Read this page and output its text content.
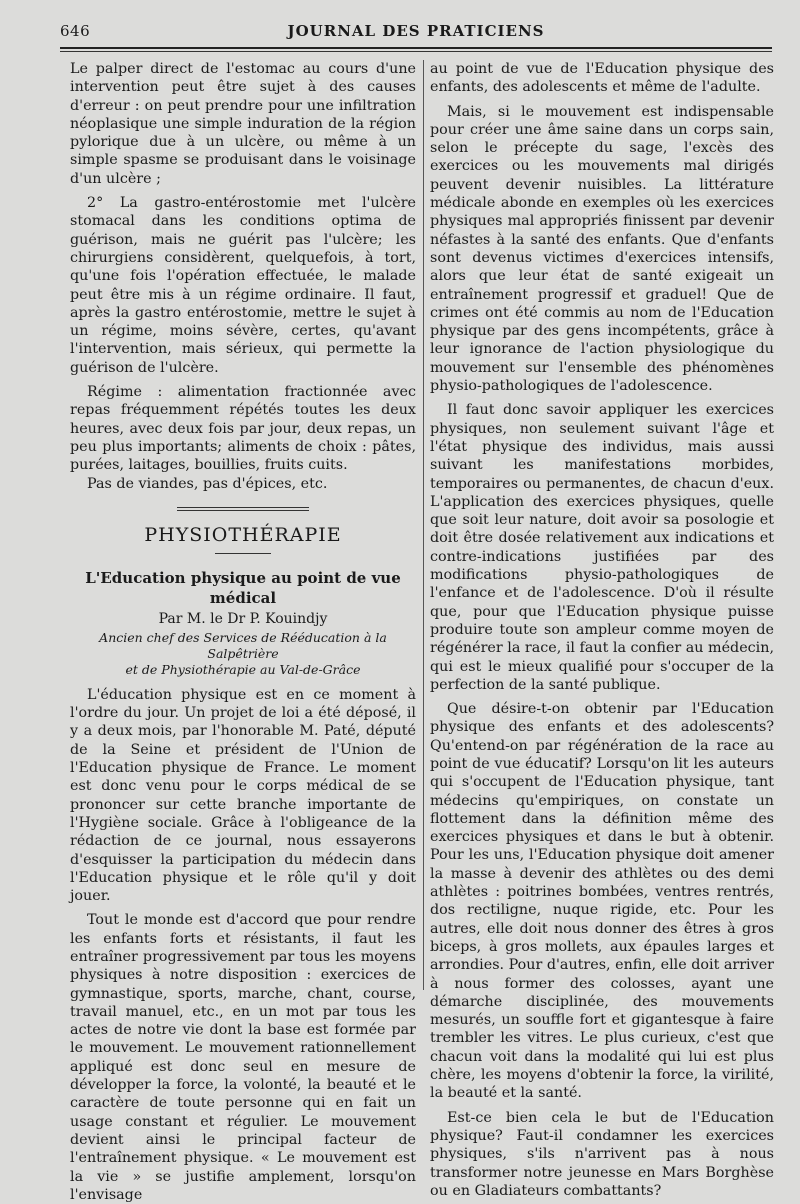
646	JOURNAL DES PRATICIENS

Le palper direct de l'estomac au cours d'une intervention peut être sujet à des causes d'erreur : on peut prendre pour une infiltration néoplasique une simple induration de la région pylorique due à un ulcère, ou même à un simple spasme se produisant dans le voisinage d'un ulcère ;

2° La gastro-entérostomie met l'ulcère stomacal dans les conditions optima de guérison, mais ne guérit pas l'ulcère; les chirurgiens considèrent, quelquefois, à tort, qu'une fois l'opération effectuée, le malade peut être mis à un régime ordinaire. Il faut, après la gastro entérostomie, mettre le sujet à un régime, moins sévère, certes, qu'avant l'intervention, mais sérieux, qui permette la guérison de l'ulcère.

Régime : alimentation fractionnée avec repas fréquemment répétés toutes les deux heures, avec deux fois par jour, deux repas, un peu plus importants; aliments de choix : pâtes, purées, laitages, bouillies, fruits cuits.

Pas de viandes, pas d'épices, etc.

PHYSIOTHÉRAPIE
L'Education physique au point de vue médical
Par M. le Dr P. Kouindjy
Ancien chef des Services de Rééducation à la Salpêtrière
et de Physiothérapie au Val-de-Grâce

L'éducation physique est en ce moment à l'ordre du jour. Un projet de loi a été déposé, il y a deux mois, par l'honorable M. Paté, député de la Seine et président de l'Union de l'Education physique de France. Le moment est donc venu pour le corps médical de se prononcer sur cette branche importante de l'Hygiène sociale. Grâce à l'obligeance de la rédaction de ce journal, nous essayerons d'esquisser la participation du médecin dans l'Education physique et le rôle qu'il y doit jouer.

Tout le monde est d'accord que pour rendre les enfants forts et résistants, il faut les entraîner progressivement par tous les moyens physiques à notre disposition : exercices de gymnastique, sports, marche, chant, course, travail manuel, etc., en un mot par tous les actes de notre vie dont la base est formée par le mouvement. Le mouvement rationnellement appliqué est donc seul en mesure de développer la force, la volonté, la beauté et le caractère de toute personne qui en fait un usage constant et régulier. Le mouvement devient ainsi le principal facteur de l'entraînement physique. « Le mouvement est la vie » se justifie amplement, lorsqu'on l'envisage

au point de vue de l'Education physique des enfants, des adolescents et même de l'adulte.

Mais, si le mouvement est indispensable pour créer une âme saine dans un corps sain, selon le précepte du sage, l'excès des exercices ou les mouvements mal dirigés peuvent devenir nuisibles. La littérature médicale abonde en exemples où les exercices physiques mal appropriés finissent par devenir néfastes à la santé des enfants. Que d'enfants sont devenus victimes d'exercices intensifs, alors que leur état de santé exigeait un entraînement progressif et graduel! Que de crimes ont été commis au nom de l'Education physique par des gens incompétents, grâce à leur ignorance de l'action physiologique du mouvement sur l'ensemble des phénomènes physio-pathologiques de l'adolescence.

Il faut donc savoir appliquer les exercices physiques, non seulement suivant l'âge et l'état physique des individus, mais aussi suivant les manifestations morbides, temporaires ou permanentes, de chacun d'eux. L'application des exercices physiques, quelle que soit leur nature, doit avoir sa posologie et doit être dosée relativement aux indications et contre-indications justifiées par des modifications physio-pathologiques de l'enfance et de l'adolescence. D'où il résulte que, pour que l'Education physique puisse produire toute son ampleur comme moyen de régénérer la race, il faut la confier au médecin, qui est le mieux qualifié pour s'occuper de la perfection de la santé publique.

Que désire-t-on obtenir par l'Education physique des enfants et des adolescents? Qu'entend-on par régénération de la race au point de vue éducatif? Lorsqu'on lit les auteurs qui s'occupent de l'Education physique, tant médecins qu'empiriques, on constate un flottement dans la définition même des exercices physiques et dans le but à obtenir. Pour les uns, l'Education physique doit amener la masse à devenir des athlètes ou des demi athlètes : poitrines bombées, ventres rentrés, dos rectiligne, nuque rigide, etc. Pour les autres, elle doit nous donner des êtres à gros biceps, à gros mollets, aux épaules larges et arrondies. Pour d'autres, enfin, elle doit arriver à nous former des colosses, ayant une démarche disciplinée, des mouvements mesurés, un souffle fort et gigantesque à faire trembler les vitres. Le plus curieux, c'est que chacun voit dans la modalité qui lui est plus chère, les moyens d'obtenir la force, la virilité, la beauté et la santé.

Est-ce bien cela le but de l'Education physique? Faut-il condamner les exercices physiques, s'ils n'arrivent pas à nous transformer notre jeunesse en Mars Borghèse ou en Gladiateurs combattants?
